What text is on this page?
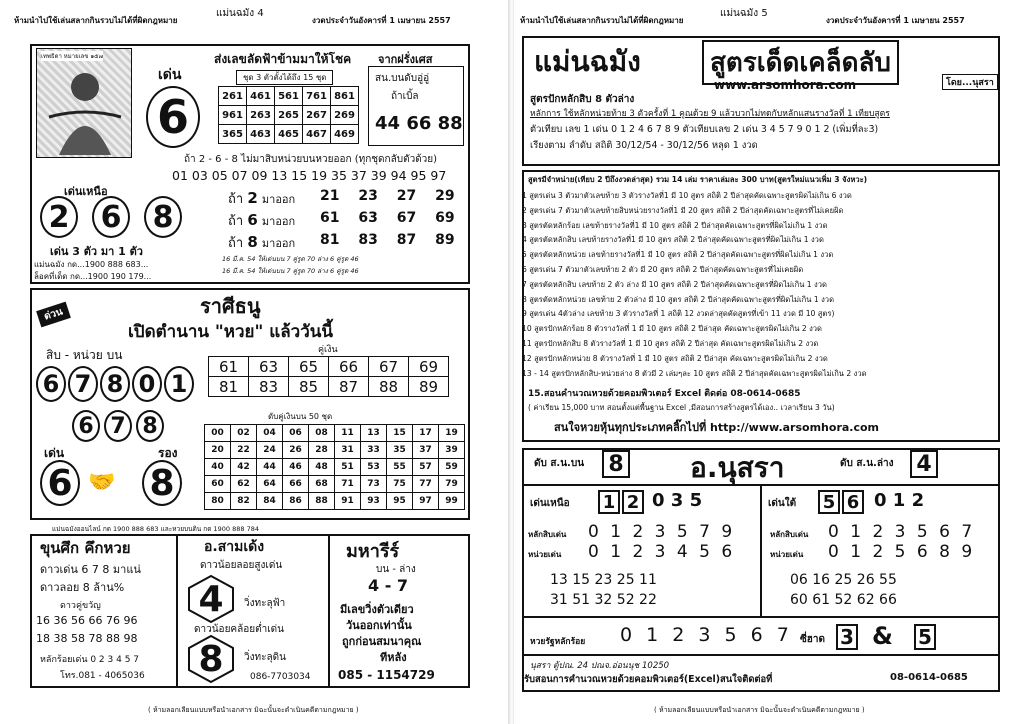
ห้ามนำไปใช้เล่นสลากกินรวบไม่ได้ที่ผิดกฎหมาย
แม่นฉมัง 4
งวดประจำวันอังคารที่ 1 เมษายน 2557
เทพธิดา หมายเลข ๑๕๗
เด่น
6
ส่งเลขลัดฟ้าข้ามมาให้โชค
ชุด 3 ตัวตั้งได้ถึง 15 ชุด
261	461	561	761	861
961	263	265	267	269
365	463	465	467	469
จากฝรั่งเศส
สน.บนดับอู่อู่
ถ้าเบิ้ล
44 66 88
ถ้า 2 - 6 - 8 ไม่มาสิบหน่วยบนหวยออก (ทุกชุดกลับตัวด้วย)
01 03 05 07 09 13 15 19 35 37 39 94 95 97
เด่นเหนือ
2 6 8	ถ้า 2 มาออก 21 23 27 29
ถ้า 6 มาออก 61 63 67 69
ถ้า 8 มาออก 81 83 87 89
16 มี.ค. 54 ให้เด่นบน 7 คู่รูด 70 ล่าง 6 คู่รูด 46
16 มี.ค. 54 ให้เด่นบน 7 คู่รูด 70 ล่าง 6 คู่รูด 46
เด่น 3 ตัว มา 1 ตัว
แม่นฉมัง กด...1900 888 683...
ล็อคที่เด็ด กด...1900 190 179...
ราศีธนู
ด่วน
เปิดตำนาน "หวย" แล้ววันนี้
สิบ - หน่วย บน
6 7 8 0 1
คู่เงิน
61	63	65	66	67	69
81	83	85	87	88	89
6 7 8
เด่น	รอง
6 🤝 8
ดับคู่เงินบน 50 ชุด
00	02	04	06	08	11	13	15	17	19
20	22	24	26	28	31	33	35	37	39
40	42	44	46	48	51	53	55	57	59
60	62	64	66	68	71	73	75	77	79
80	82	84	86	88	91	93	95	97	99
แม่นฉมังออนไลน์ กด 1900 888 683 และหวยบนดิน กด 1900 888 784
ขุนศึก คึกหวย
ดาวเด่น 6 7 8 มาแน่
ดาวลอย 8 ล้าน%
ดาวคู่ขวัญ
16 36 56 66 76 96
18 38 58 78 88 98
หลักร้อยเด่น 0 2 3 4 5 7
โทร.081 - 4065036
อ.สามเด้ง
ดาวน้อยลอยสูงเด่น
4	วิ่งทะลุฟ้า
ดาวน้อยคล้อยต่ำเด่น
8	วิ่งทะลุดิน
086-7703034
มหารีร์
บน - ล่าง
4 - 7
มีเลขวิ่งตัวเดียว
วันออกเท่านั้น
ถูกก่อนสมนาคุณ
ทีหลัง
085 - 1154729
( ห้ามลอกเลียนแบบหรือนำเอกสาร มิฉะนั้นจะดำเนินคดีตามกฎหมาย )
ห้ามนำไปใช้เล่นสลากกินรวบไม่ได้ที่ผิดกฎหมาย
แม่นฉมัง 5
งวดประจำวันอังคารที่ 1 เมษายน 2557
แม่นฉมัง	สูตรเด็ดเคล็ดลับ
โดย...นุสรา
www.arsomhora.com
สูตรปักหลักสิบ 8 ตัวล่าง
หลักการ ใช้หลักหน่วยท้าย 3 ตัวครั้งที่ 1 คูณด้วย 9 แล้วบวกไม่ทดกับหลักแสนรางวัลที่ 1 เทียบสูตร
ตัวเทียบ เลข 1 เด่น 0 1 2 4 6 7 8 9 ตัวเทียบเลข 2 เด่น 3 4 5 7 9 0 1 2 (เพิ่มที่ละ3)
เรียงตาม ลำดับ สถิติ 30/12/54 - 30/12/56 หลุด 1 งวด
สูตรมีจำหน่าย(เทียบ 2 ปีถึงงวดล่าสุด) รวม 14 เล่ม ราคาเล่มละ 300 บาท(สูตรใหม่แนวเพิ่ม 3 จังหวะ)
1 สูตรเด่น 3 ตัวมาตัวเลขท้าย 3 ตัวรางวัลที่1 มี 10 สูตร สถิติ 2 ปีล่าสุดคัดเฉพาะสูตรผิดไม่เกิน 6 งวด
2 สูตรเด่น 7 ตัวมาตัวเลขท้ายสิบหน่วยรางวัลที่1 มี 20 สูตร สถิติ 2 ปีล่าสุดคัดเฉพาะสูตรที่ไม่เคยผิด
3 สูตรตัดหลักร้อย เลขท้ายรางวัลที่1 มี 10 สูตร สถิติ 2 ปีล่าสุดคัดเฉพาะสูตรที่ผิดไม่เกิน 1 งวด
4 สูตรตัดหลักสิบ เลขท้ายรางวัลที่1 มี 10 สูตร สถิติ 2 ปีล่าสุดคัดเฉพาะสูตรที่ผิดไม่เกิน 1 งวด
5 สูตรตัดหลักหน่วย เลขท้ายรางวัลที่1 มี 10 สูตร สถิติ 2 ปีล่าสุดคัดเฉพาะสูตรที่ผิดไม่เกิน 1 งวด
6 สูตรเด่น 7 ตัวมาตัวเลขท้าย 2 ตัว มี 20 สูตร สถิติ 2 ปีล่าสุดคัดเฉพาะสูตรที่ไม่เคยผิด
7 สูตรตัดหลักสิบ เลขท้าย 2 ตัว ล่าง มี 10 สูตร สถิติ 2 ปีล่าสุดคัดเฉพาะสูตรที่ผิดไม่เกิน 1 งวด
8 สูตรตัดหลักหน่วย เลขท้าย 2 ตัวล่าง มี 10 สูตร สถิติ 2 ปีล่าสุดคัดเฉพาะสูตรที่ผิดไม่เกิน 1 งวด
9 สูตรเด่น 4ตัวล่าง เลขท้าย 3 ตัวรางวัลที่ 1 สถิติ 12 งวดล่าสุดคัดสูตรที่เข้า 11 งวด มี 10 สูตร)
10 สูตรปักหลักร้อย 8 ตัวรางวัลที่ 1 มี 10 สูตร สถิติ 2 ปีล่าสุด คัดเฉพาะสูตรผิดไม่เกิน 2 งวด
11 สูตรปักหลักสิบ 8 ตัวรางวัลที่ 1 มี 10 สูตร สถิติ 2 ปีล่าสุด คัดเฉพาะสูตรผิดไม่เกิน 2 งวด
12 สูตรปักหลักหน่วย 8 ตัวรางวัลที่ 1 มี 10 สูตร สถิติ 2 ปีล่าสุด คัดเฉพาะสูตรผิดไม่เกิน 2 งวด
13 - 14 สูตรปักหลักสิบ-หน่วยล่าง 8 ตัวมี 2 เล่มๆละ 10 สูตร สถิติ 2 ปีล่าสุดคัดเฉพาะสูตรผิดไม่เกิน 2 งวด
15.สอนคำนวณหวยด้วยคอมพิวเตอร์ Excel ติดต่อ 08-0614-0685
( ค่าเรียน 15,000 บาท สอนตั้งแต่พื้นฐาน Excel ,มีสอนการสร้างสูตรได้เอง.. เวลาเรียน 3 วัน)
สนใจหวยหุ้นทุกประเภทคลิ๊กไปที่ http://www.arsomhora.com
ดับ ส.น.บน 8 อ.นุสรา	ดับ ส.น.ล่าง 4
เด่นเหนือ 1 2 0 3 5	เด่นใต้ 5 6 0 1 2
หลักสิบเด่น 0 1 2 3 5 7 9
หน่วยเด่น 0 1 2 3 4 5 6
หลักสิบเด่น 0 1 2 3 5 6 7
หน่วยเด่น 0 1 2 5 6 8 9
13 15 23 25 11
31 51 32 52 22
06 16 25 26 55
60 61 52 62 66
หวยรัฐหลักร้อย 0 1 2 3 5 6 7 ซี่ฮาด 3 & 5
นุสรา ตู้ปณ. 24 ปณจ.อ่อนนุช 10250
รับสอนการคำนวณหวยด้วยคอมพิวเตอร์(Excel)สนใจติดต่อที่	08-0614-0685
( ห้ามลอกเลียนแบบหรือนำเอกสาร มิฉะนั้นจะดำเนินคดีตามกฎหมาย )
